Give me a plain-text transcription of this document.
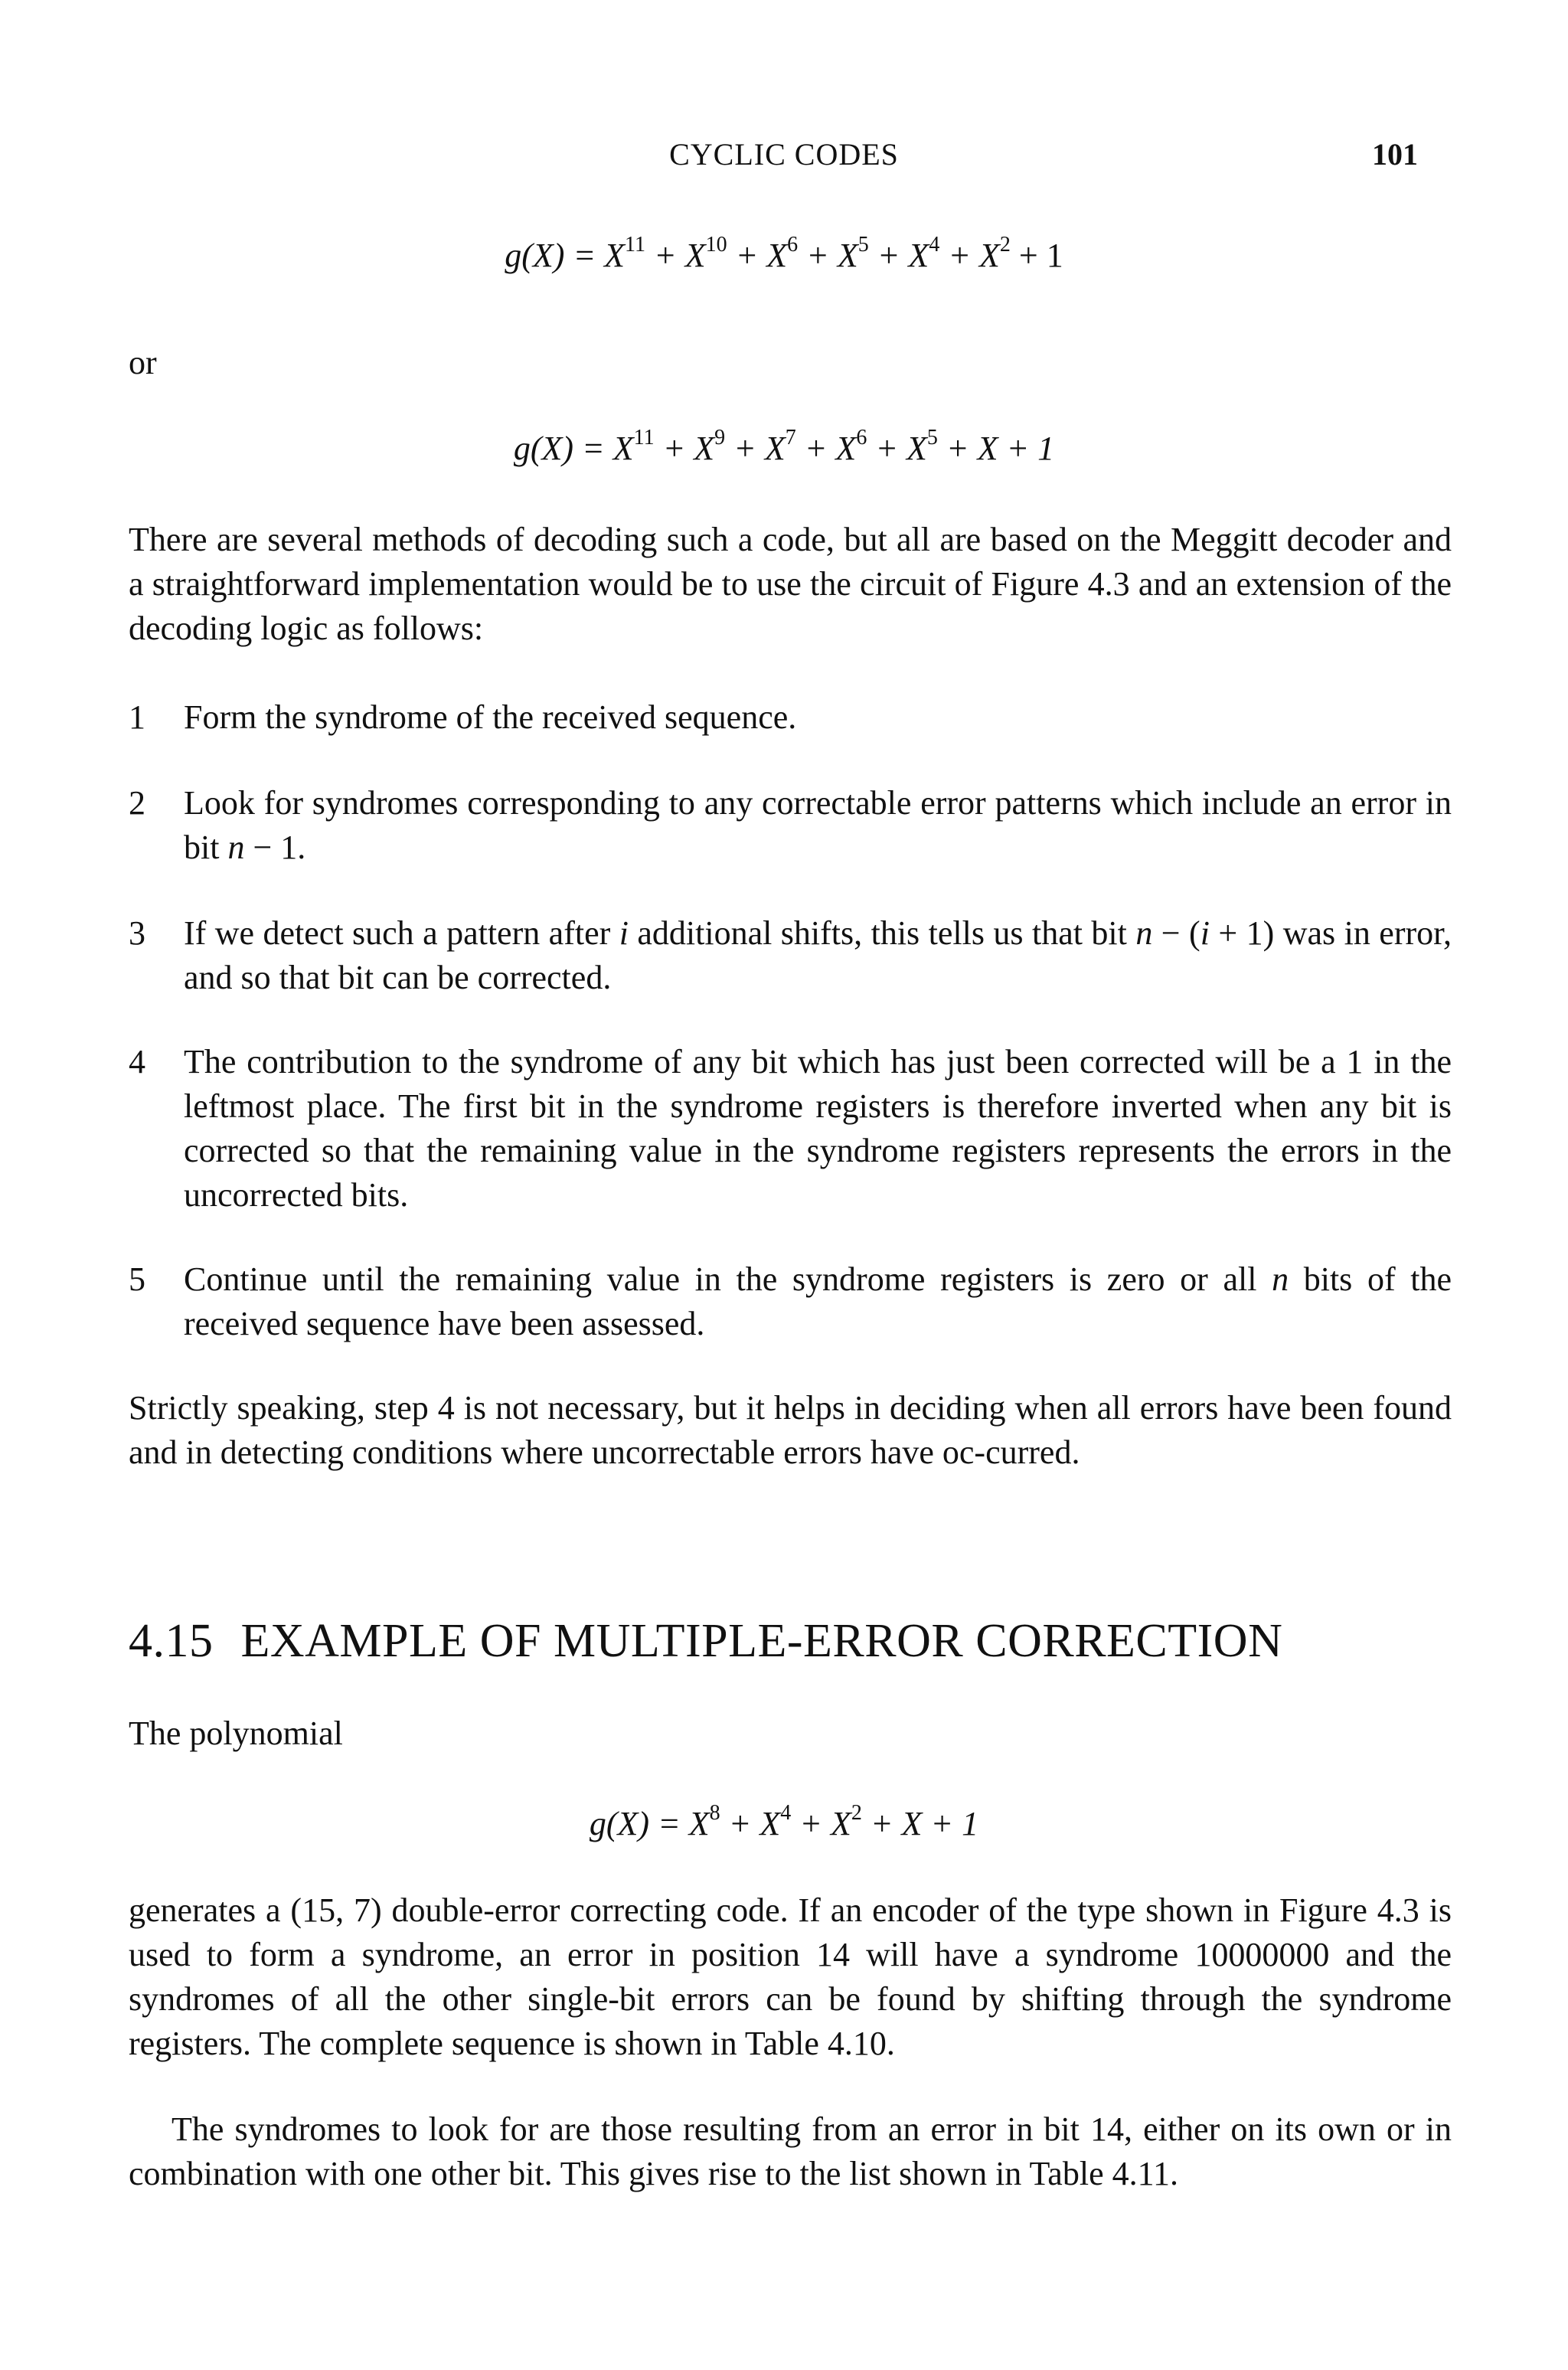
CYCLIC CODES	101
$g(X) = X^{11} + X^{10} + X^6 + X^5 + X^4 + X^2 + 1$
or
$g(X) = X^{11} + X^9 + X^7 + X^6 + X^5 + X + 1$
There are several methods of decoding such a code, but all are based on the Meggitt decoder and a straightforward implementation would be to use the circuit of Figure 4.3 and an extension of the decoding logic as follows:
1	Form the syndrome of the received sequence.
2	Look for syndromes corresponding to any correctable error patterns which include an error in bit n − 1.
3	If we detect such a pattern after i additional shifts, this tells us that bit n − (i + 1) was in error, and so that bit can be corrected.
4	The contribution to the syndrome of any bit which has just been corrected will be a 1 in the leftmost place. The first bit in the syndrome registers is therefore inverted when any bit is corrected so that the remaining value in the syndrome registers represents the errors in the uncorrected bits.
5	Continue until the remaining value in the syndrome registers is zero or all n bits of the received sequence have been assessed.
Strictly speaking, step 4 is not necessary, but it helps in deciding when all errors have been found and in detecting conditions where uncorrectable errors have oc-curred.
4.15 EXAMPLE OF MULTIPLE-ERROR CORRECTION
The polynomial
$g(X) = X^8 + X^4 + X^2 + X + 1$
generates a (15, 7) double-error correcting code. If an encoder of the type shown in Figure 4.3 is used to form a syndrome, an error in position 14 will have a syndrome 10000000 and the syndromes of all the other single-bit errors can be found by shifting through the syndrome registers. The complete sequence is shown in Table 4.10.
The syndromes to look for are those resulting from an error in bit 14, either on its own or in combination with one other bit. This gives rise to the list shown in Table 4.11.
